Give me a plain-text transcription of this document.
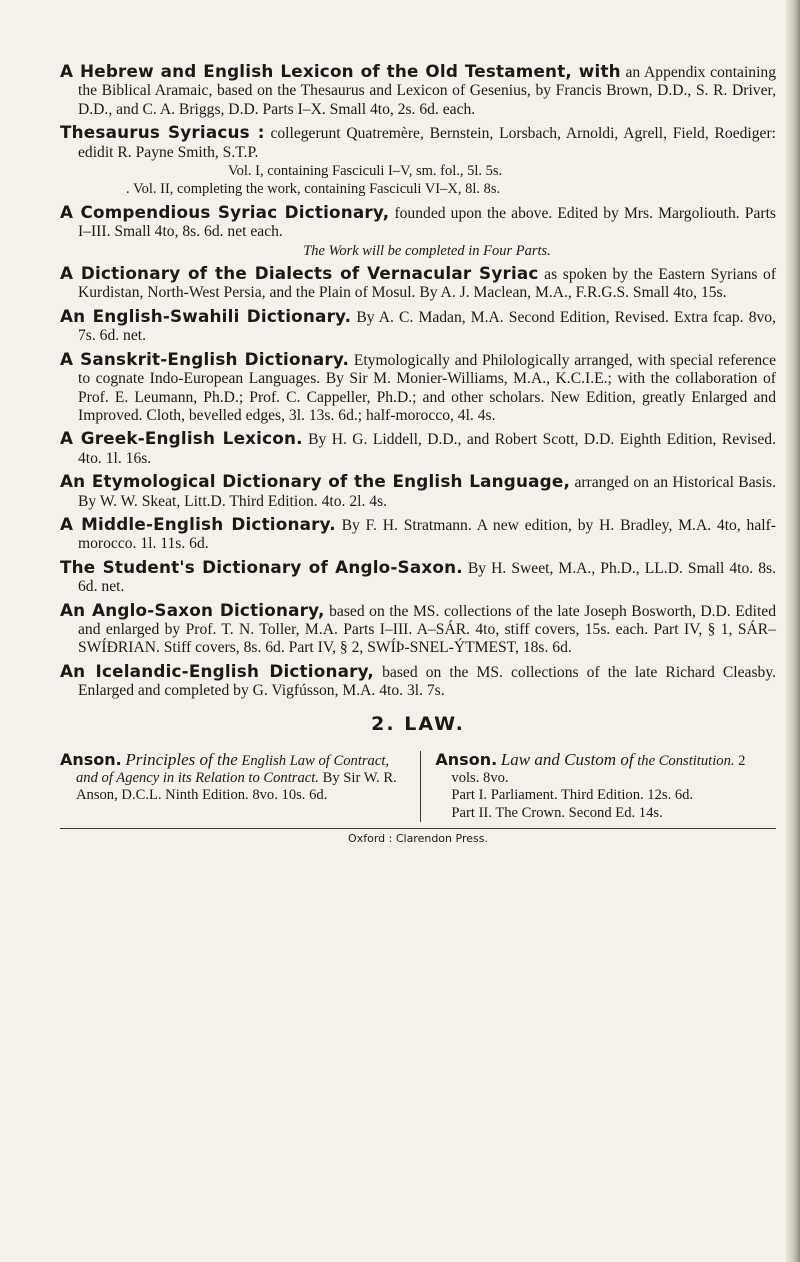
A Hebrew and English Lexicon of the Old Testament, with an Appendix containing the Biblical Aramaic, based on the Thesaurus and Lexicon of Gesenius, by Francis Brown, D.D., S. R. Driver, D.D., and C. A. Briggs, D.D. Parts I–X. Small 4to, 2s. 6d. each.

Thesaurus Syriacus : collegerunt Quatremère, Bernstein, Lorsbach, Arnoldi, Agrell, Field, Roediger: edidit R. Payne Smith, S.T.P.
Vol. I, containing Fasciculi I–V, sm. fol., 5l. 5s.
. Vol. II, completing the work, containing Fasciculi VI–X, 8l. 8s.

A Compendious Syriac Dictionary, founded upon the above. Edited by Mrs. Margoliouth. Parts I–III. Small 4to, 8s. 6d. net each.
The Work will be completed in Four Parts.

A Dictionary of the Dialects of Vernacular Syriac as spoken by the Eastern Syrians of Kurdistan, North-West Persia, and the Plain of Mosul. By A. J. Maclean, M.A., F.R.G.S. Small 4to, 15s.

An English-Swahili Dictionary. By A. C. Madan, M.A. Second Edition, Revised. Extra fcap. 8vo, 7s. 6d. net.

A Sanskrit-English Dictionary. Etymologically and Philologically arranged, with special reference to cognate Indo-European Languages. By Sir M. Monier-Williams, M.A., K.C.I.E.; with the collaboration of Prof. E. Leumann, Ph.D.; Prof. C. Cappeller, Ph.D.; and other scholars. New Edition, greatly Enlarged and Improved. Cloth, bevelled edges, 3l. 13s. 6d.; half-morocco, 4l. 4s.

A Greek-English Lexicon. By H. G. Liddell, D.D., and Robert Scott, D.D. Eighth Edition, Revised. 4to. 1l. 16s.

An Etymological Dictionary of the English Language, arranged on an Historical Basis. By W. W. Skeat, Litt.D. Third Edition. 4to. 2l. 4s.

A Middle-English Dictionary. By F. H. Stratmann. A new edition, by H. Bradley, M.A. 4to, half-morocco. 1l. 11s. 6d.

The Student's Dictionary of Anglo-Saxon. By H. Sweet, M.A., Ph.D., LL.D. Small 4to. 8s. 6d. net.

An Anglo-Saxon Dictionary, based on the MS. collections of the late Joseph Bosworth, D.D. Edited and enlarged by Prof. T. N. Toller, M.A. Parts I–III. A–SÁR. 4to, stiff covers, 15s. each. Part IV, § 1, SÁR–SWÍÐRIAN. Stiff covers, 8s. 6d. Part IV, § 2, SWÍÞ-SNEL-ÝTMEST, 18s. 6d.

An Icelandic-English Dictionary, based on the MS. collections of the late Richard Cleasby. Enlarged and completed by G. Vigfússon, M.A. 4to. 3l. 7s.

2. LAW.
Anson. Principles of the English Law of Contract, and of Agency in its Relation to Contract. By Sir W. R. Anson, D.C.L. Ninth Edition. 8vo. 10s. 6d.
Anson. Law and Custom of the Constitution. 2 vols. 8vo.
Part I. Parliament. Third Edition. 12s. 6d.
Part II. The Crown. Second Ed. 14s.
Oxford : Clarendon Press.
